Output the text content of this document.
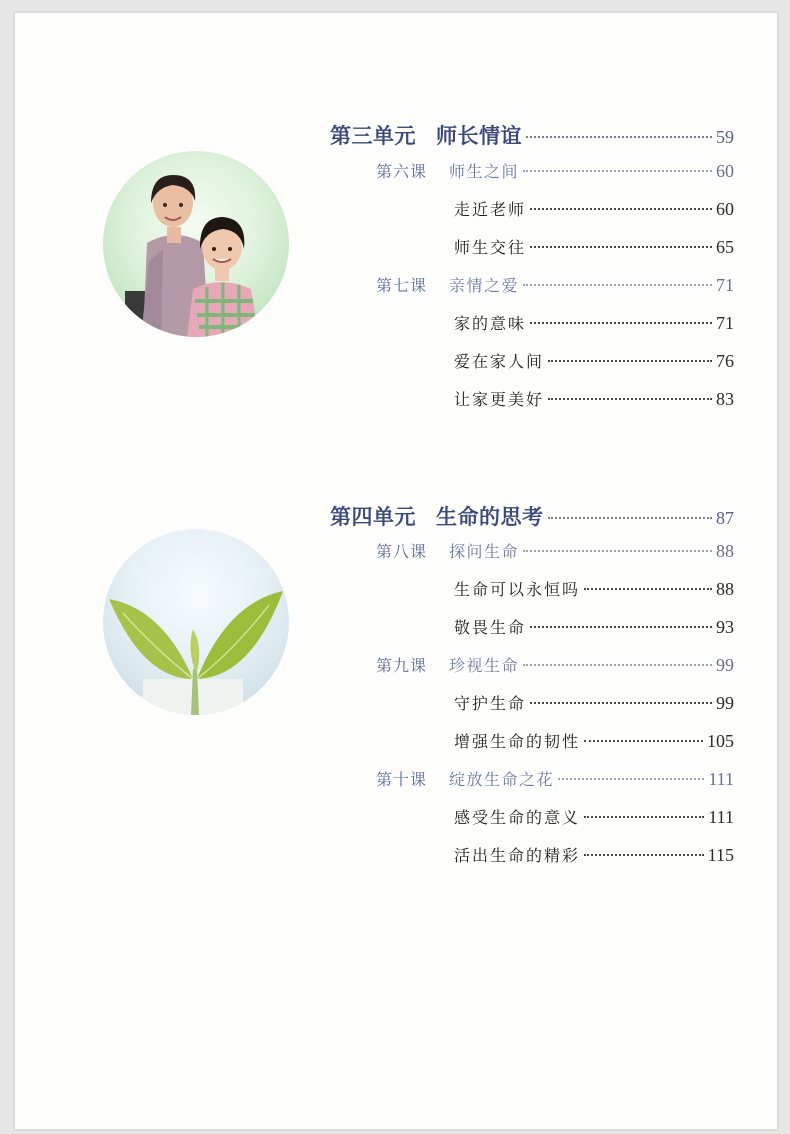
第三单元 师长情谊	59
第六课 师生之间	60
走近老师	60
师生交往	65
第七课 亲情之爱	71
家的意味	71
爱在家人间	76
让家更美好	83
第四单元 生命的思考	87
第八课 探问生命	88
生命可以永恒吗	88
敬畏生命	93
第九课 珍视生命	99
守护生命	99
增强生命的韧性	105
第十课 绽放生命之花	111
感受生命的意义	111
活出生命的精彩	115
